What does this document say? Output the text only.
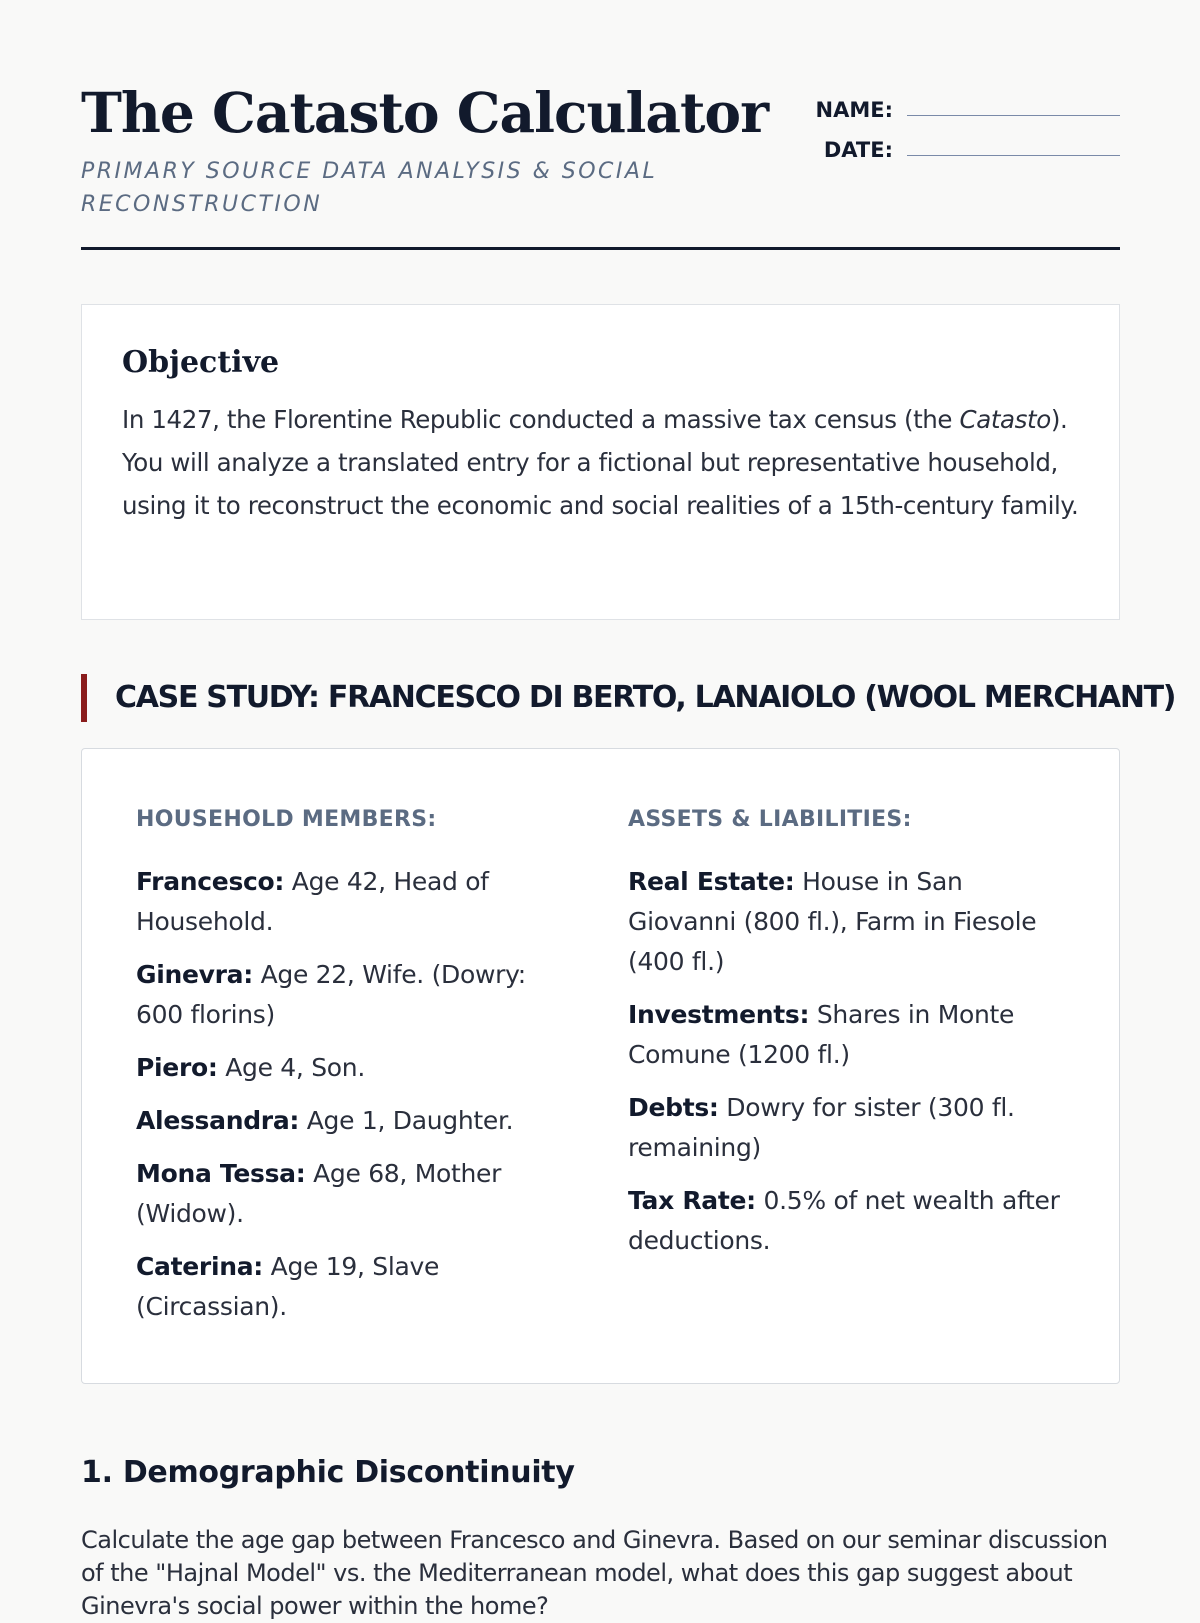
The Catasto Calculator
PRIMARY SOURCE DATA ANALYSIS & SOCIAL RECONSTRUCTION
NAME:
DATE:
Objective

In 1427, the Florentine Republic conducted a massive tax census (the Catasto). You will analyze a translated entry for a fictional but representative household, using it to reconstruct the economic and social realities of a 15th-century family.

CASE STUDY: FRANCESCO DI BERTO, LANAIOLO (WOOL MERCHANT)
HOUSEHOLD MEMBERS:
Francesco: Age 42, Head of Household.
Ginevra: Age 22, Wife. (Dowry: 600 florins)
Piero: Age 4, Son.
Alessandra: Age 1, Daughter.
Mona Tessa: Age 68, Mother (Widow).
Caterina: Age 19, Slave (Circassian).
ASSETS & LIABILITIES:
Real Estate: House in San Giovanni (800 fl.), Farm in Fiesole (400 fl.)
Investments: Shares in Monte Comune (1200 fl.)
Debts: Dowry for sister (300 fl. remaining)
Tax Rate: 0.5% of net wealth after deductions.
1. Demographic Discontinuity
Calculate the age gap between Francesco and Ginevra. Based on our seminar discussion of the "Hajnal Model" vs. the Mediterranean model, what does this gap suggest about Ginevra's social power within the home?
